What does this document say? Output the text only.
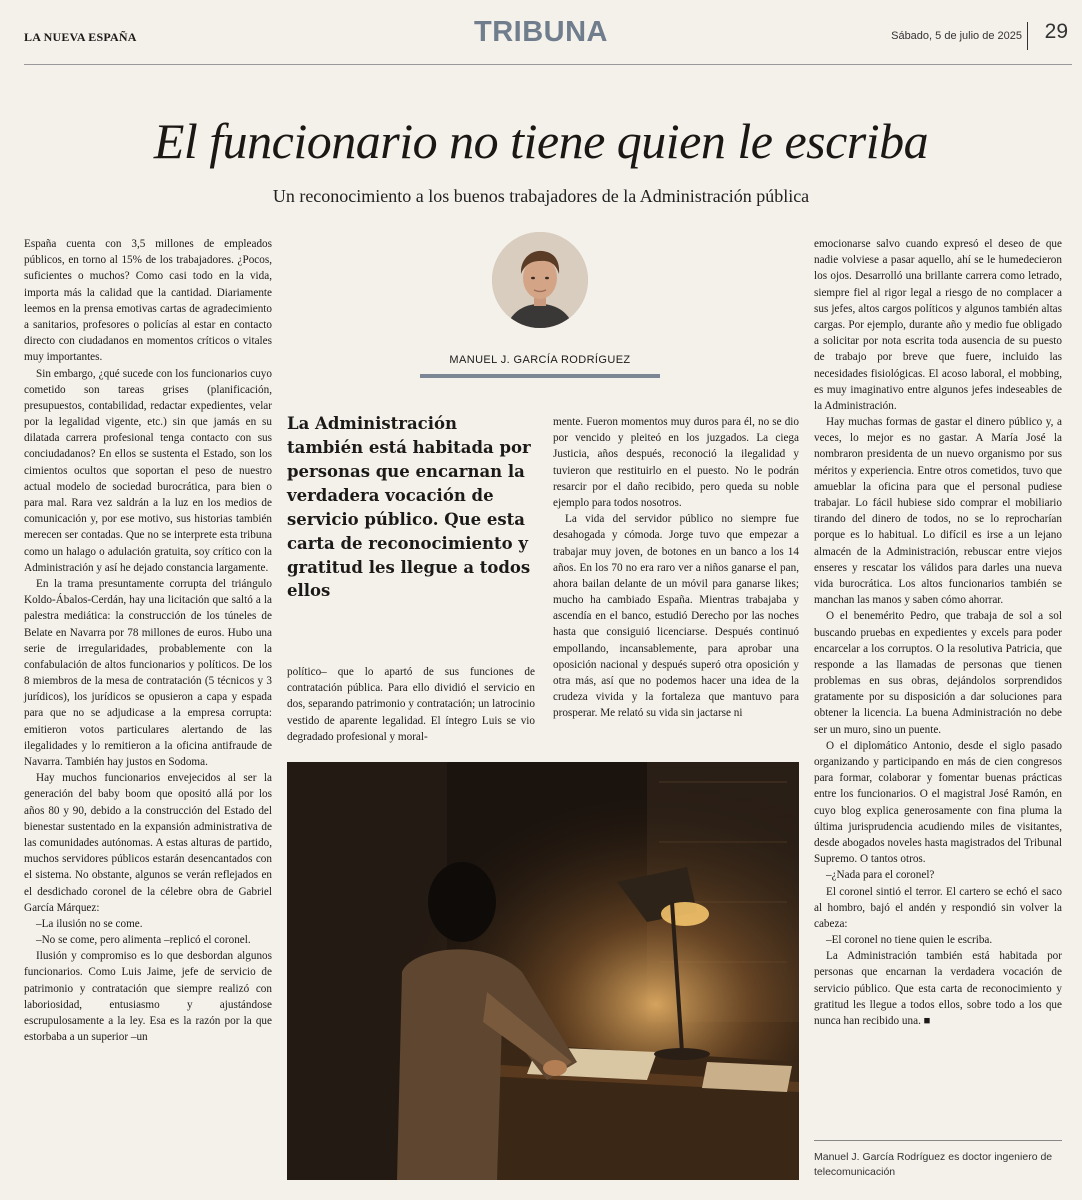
LA NUEVA ESPAÑA	TRIBUNA	Sábado, 5 de julio de 2025 29
El funcionario no tiene quien le escriba
Un reconocimiento a los buenos trabajadores de la Administración pública

España cuenta con 3,5 millones de empleados públicos, en torno al 15% de los trabajadores. ¿Pocos, suficientes o muchos? Como casi todo en la vida, importa más la calidad que la cantidad. Diariamente leemos en la prensa emotivas cartas de agradecimiento a sanitarios, profesores o policías al estar en contacto directo con ciudadanos en momentos críticos o vitales muy importantes.

Sin embargo, ¿qué sucede con los funcionarios cuyo cometido son tareas grises (planificación, presupuestos, contabilidad, redactar expedientes, velar por la legalidad vigente, etc.) sin que jamás en su dilatada carrera profesional tenga contacto con sus conciudadanos? En ellos se sustenta el Estado, son los cimientos ocultos que soportan el peso de nuestro actual modelo de sociedad burocrática, para bien o para mal. Rara vez saldrán a la luz en los medios de comunicación y, por ese motivo, sus historias también merecen ser contadas. Que no se interprete esta tribuna como un halago o adulación gratuita, soy crítico con la Administración y así he dejado constancia largamente.

En la trama presuntamente corrupta del triángulo Koldo-Ábalos-Cerdán, hay una licitación que saltó a la palestra mediática: la construcción de los túneles de Belate en Navarra por 78 millones de euros. Hubo una serie de irregularidades, probablemente con la confabulación de altos funcionarios y políticos. De los 8 miembros de la mesa de contratación (5 técnicos y 3 jurídicos), los jurídicos se opusieron a capa y espada para que no se adjudicase a la empresa corrupta: emitieron votos particulares alertando de las ilegalidades y lo remitieron a la oficina antifraude de Navarra. También hay justos en Sodoma.

Hay muchos funcionarios envejecidos al ser la generación del baby boom que opositó allá por los años 80 y 90, debido a la construcción del Estado del bienestar sustentado en la expansión administrativa de las comunidades autónomas. A estas alturas de partido, muchos servidores públicos estarán desencantados con el sistema. No obstante, algunos se verán reflejados en el desdichado coronel de la célebre obra de Gabriel García Márquez:

–La ilusión no se come.

–No se come, pero alimenta –replicó el coronel.

Ilusión y compromiso es lo que desbordan algunos funcionarios. Como Luis Jaime, jefe de servicio de patrimonio y contratación que siempre realizó con laboriosidad, entusiasmo y ajustándose escrupulosamente a la ley. Esa es la razón por la que estorbaba a un superior –un

MANUEL J. GARCÍA RODRÍGUEZ
La Administración también está habitada por personas que encarnan la verdadera vocación de servicio público. Que esta carta de reconocimiento y gratitud les llegue a todos ellos

político– que lo apartó de sus funciones de contratación pública. Para ello dividió el servicio en dos, separando patrimonio y contratación; un latrocinio vestido de aparente legalidad. El íntegro Luis se vio degradado profesional y moral-

mente. Fueron momentos muy duros para él, no se dio por vencido y pleiteó en los juzgados. La ciega Justicia, años después, reconoció la ilegalidad y tuvieron que restituirlo en el puesto. No le podrán resarcir por el daño recibido, pero queda su noble ejemplo para todos nosotros.

La vida del servidor público no siempre fue desahogada y cómoda. Jorge tuvo que empezar a trabajar muy joven, de botones en un banco a los 14 años. En los 70 no era raro ver a niños ganarse el pan, ahora bailan delante de un móvil para ganarse likes; mucho ha cambiado España. Mientras trabajaba y ascendía en el banco, estudió Derecho por las noches hasta que consiguió licenciarse. Después continuó empollando, incansablemente, para aprobar una oposición nacional y después superó otra oposición y otra más, así que no podemos hacer una idea de la crudeza vivida y la fortaleza que mantuvo para prosperar. Me relató su vida sin jactarse ni

emocionarse salvo cuando expresó el deseo de que nadie volviese a pasar aquello, ahí se le humedecieron los ojos. Desarrolló una brillante carrera como letrado, siempre fiel al rigor legal a riesgo de no complacer a sus jefes, altos cargos políticos y algunos también altas cargas. Por ejemplo, durante año y medio fue obligado a solicitar por nota escrita toda ausencia de su puesto de trabajo por breve que fuere, incluido las necesidades fisiológicas. El acoso laboral, el mobbing, es muy imaginativo entre algunos jefes indeseables de la Administración.

Hay muchas formas de gastar el dinero público y, a veces, lo mejor es no gastar. A María José la nombraron presidenta de un nuevo organismo por sus méritos y experiencia. Entre otros cometidos, tuvo que amueblar la oficina para que el personal pudiese trabajar. Lo fácil hubiese sido comprar el mobiliario tirando del dinero de todos, no se lo reprocharían porque es lo habitual. Lo difícil es irse a un lejano almacén de la Administración, rebuscar entre viejos enseres y rescatar los válidos para darles una nueva vida burocrática. Los altos funcionarios también se manchan las manos y saben cómo ahorrar.

O el benemérito Pedro, que trabaja de sol a sol buscando pruebas en expedientes y excels para poder encarcelar a los corruptos. O la resolutiva Patricia, que responde a las llamadas de personas que tienen problemas en sus obras, dejándolos sorprendidos gratamente por su disposición a dar soluciones para obtener la licencia. La buena Administración no debe ser un muro, sino un puente.

O el diplomático Antonio, desde el siglo pasado organizando y participando en más de cien congresos para formar, colaborar y fomentar buenas prácticas entre los funcionarios. O el magistral José Ramón, en cuyo blog explica generosamente con fina pluma la última jurisprudencia acudiendo miles de visitantes, desde abogados noveles hasta magistrados del Tribunal Supremo. O tantos otros.

–¿Nada para el coronel?

El coronel sintió el terror. El cartero se echó el saco al hombro, bajó el andén y respondió sin volver la cabeza:

–El coronel no tiene quien le escriba.

La Administración también está habitada por personas que encarnan la verdadera vocación de servicio público. Que esta carta de reconocimiento y gratitud les llegue a todos ellos, sobre todo a los que nunca han recibido una. ■

Manuel J. García Rodríguez es doctor ingeniero de telecomunicación
